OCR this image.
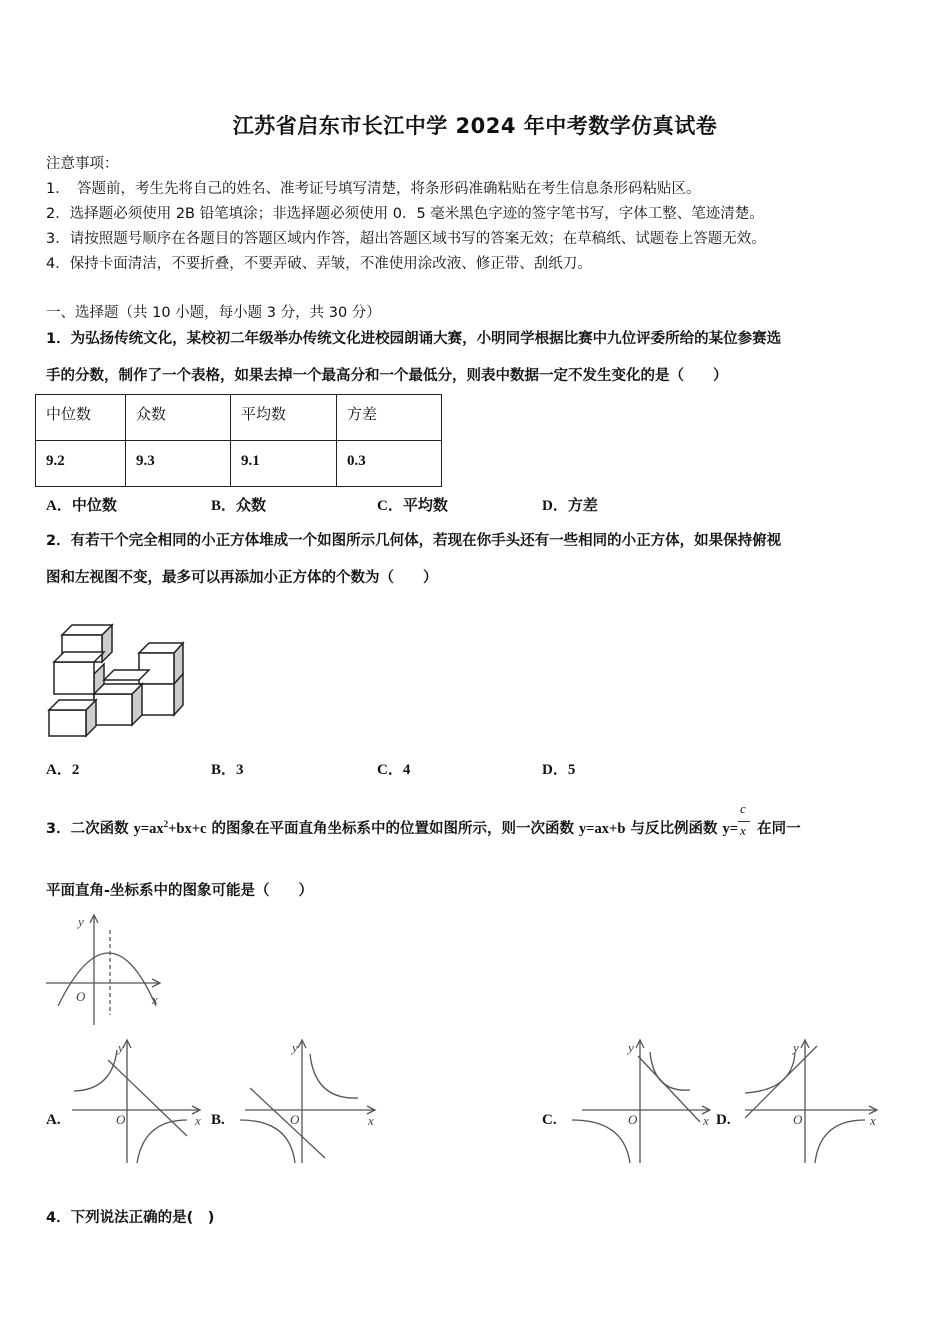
江苏省启东市长江中学 2024 年中考数学仿真试卷
注意事项：
1．　答题前，考生先将自己的姓名、准考证号填写清楚，将条形码准确粘贴在考生信息条形码粘贴区。
2．选择题必须使用 2B 铅笔填涂；非选择题必须使用 0．5 毫米黑色字迹的签字笔书写，字体工整、笔迹清楚。
3．请按照题号顺序在各题目的答题区域内作答，超出答题区域书写的答案无效；在草稿纸、试题卷上答题无效。
4．保持卡面清洁，不要折叠，不要弄破、弄皱，不准使用涂改液、修正带、刮纸刀。
一、选择题（共 10 小题，每小题 3 分，共 30 分）
1．为弘扬传统文化，某校初二年级举办传统文化进校园朗诵大赛，小明同学根据比赛中九位评委所给的某位参赛选
手的分数，制作了一个表格，如果去掉一个最高分和一个最低分，则表中数据一定不发生变化的是（　　）
中位数	众数	平均数	方差
9.2	9.3	9.1	0.3
A．中位数	B．众数	C．平均数	D．方差
2．有若干个完全相同的小正方体堆成一个如图所示几何体，若现在你手头还有一些相同的小正方体，如果保持俯视
图和左视图不变，最多可以再添加小正方体的个数为（　　）
A．2	B．3	C．4	D．5
3．二次函数 $y=ax^2+bx+c$ 的图象在平面直角坐标系中的位置如图所示，则一次函数 y=ax+b 与反比例函数 $y= \frac{c}{x}$ 在同一
平面直角-坐标系中的图象可能是（　　）
y
x
O
A.
y
x
O	B.
y
x
O	C.
y
x
O	D.
y
x
O
4．下列说法正确的是(　)
